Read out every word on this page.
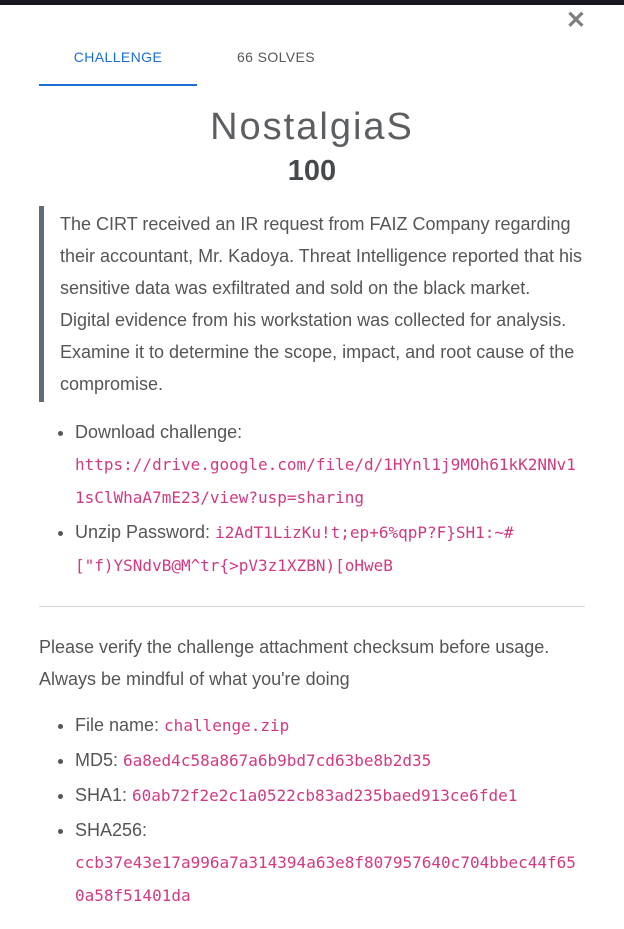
CHALLENGE	66 SOLVES
✕
NostalgiaS
100
The CIRT received an IR request from FAIZ Company regarding their accountant, Mr. Kadoya. Threat Intelligence reported that his sensitive data was exfiltrated and sold on the black market. Digital evidence from his workstation was collected for analysis. Examine it to determine the scope, impact, and root cause of the compromise.
• Download challenge: https://drive.google.com/file/d/1HYnl1j9MOh61kK2NNv11sClWhaA7mE23/view?usp=sharing
• Unzip Password: i2AdT1LizKu!t;ep+6%qpP?F}SH1:~#["f)YSNdvB@M^tr{>pV3z1XZBN)[oHweB

Please verify the challenge attachment checksum before usage. Always be mindful of what you're doing

• File name: challenge.zip
• MD5: 6a8ed4c58a867a6b9bd7cd63be8b2d35
• SHA1: 60ab72f2e2c1a0522cb83ad235baed913ce6fde1
• SHA256: ccb37e43e17a996a7a314394a63e8f807957640c704bbec44f650a58f51401da
